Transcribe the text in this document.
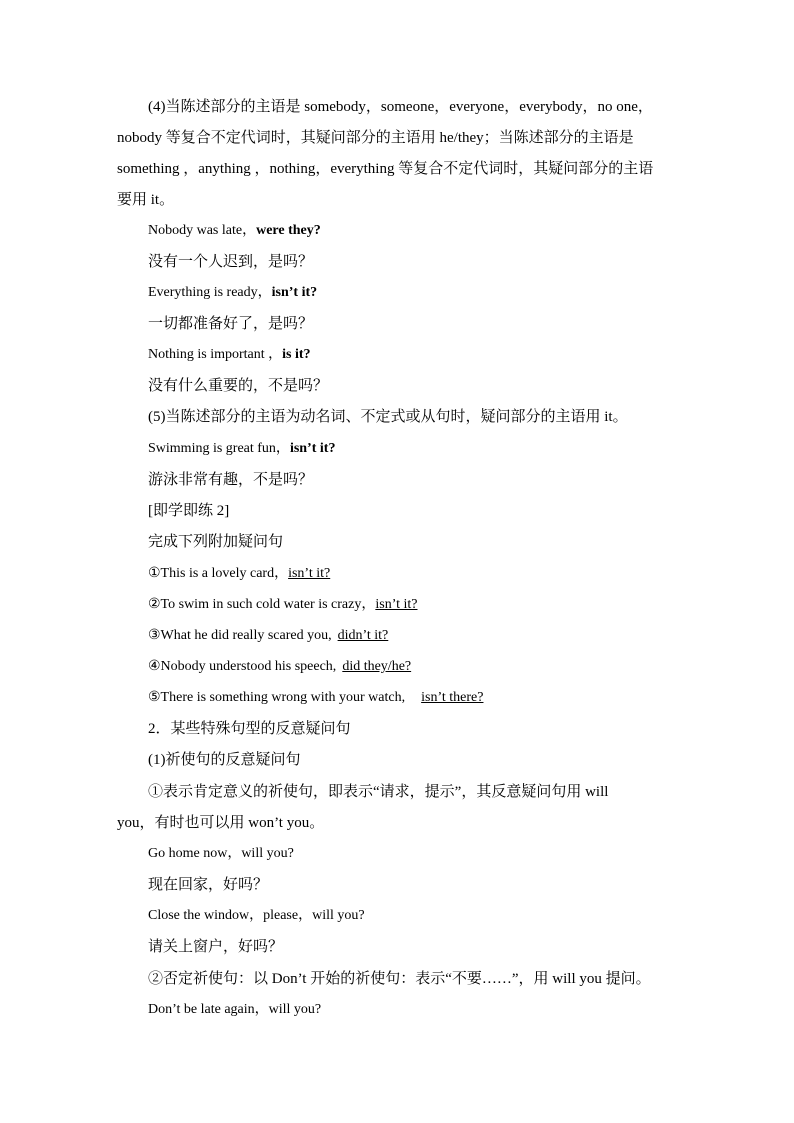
(4)当陈述部分的主语是 somebody，someone，everyone，everybody，no one，
nobody 等复合不定代词时，其疑问部分的主语用 he/they；当陈述部分的主语是
something ，anything ，nothing，everything 等复合不定代词时，其疑问部分的主语
要用 it。
Nobody was late，were they?
没有一个人迟到，是吗？
Everything is ready，isn’t it?
一切都准备好了，是吗？
Nothing is important ，is it?
没有什么重要的，不是吗？
(5)当陈述部分的主语为动名词、不定式或从句时，疑问部分的主语用 it。
Swimming is great fun，isn’t it?
游泳非常有趣，不是吗？
[即学即练 2]
完成下列附加疑问句
①This is a lovely card，isn’t it?
②To swim in such cold water is crazy，isn’t it?
③What he did really scared you, didn’t it?
④Nobody understood his speech, did they/he?
⑤There is something wrong with your watch, isn’t there?
2．某些特殊句型的反意疑问句
(1)祈使句的反意疑问句
①表示肯定意义的祈使句，即表示“请求，提示”，其反意疑问句用 will
you，有时也可以用 won’t you。
Go home now，will you?
现在回家，好吗？
Close the window，please，will you?
请关上窗户，好吗？
②否定祈使句：以 Don’t 开始的祈使句：表示“不要……”，用 will you 提问。
Don’t be late again，will you?
